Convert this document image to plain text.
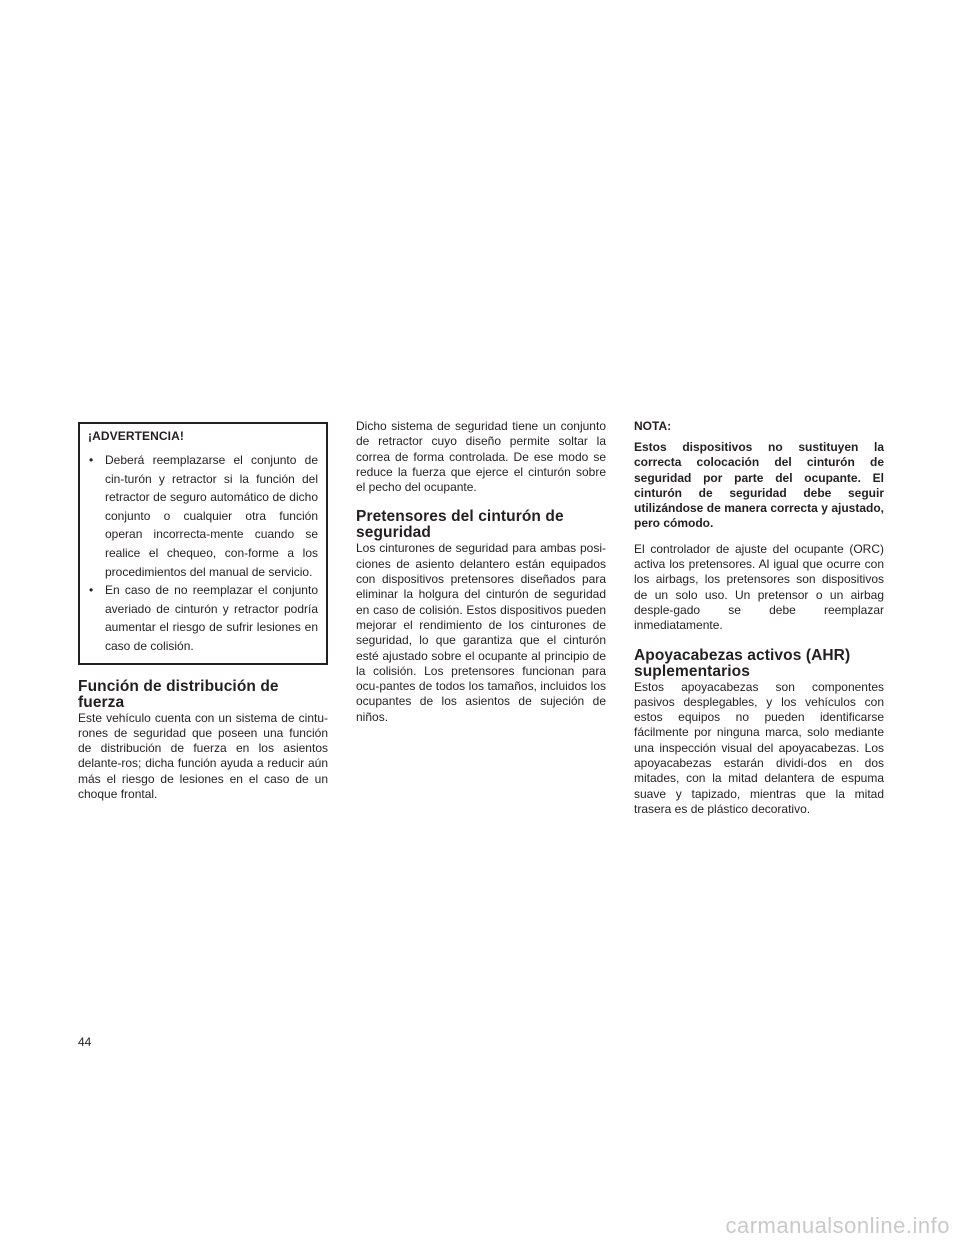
¡ADVERTENCIA!
• Deberá reemplazarse el conjunto de cin-turón y retractor si la función del retractor de seguro automático de dicho conjunto o cualquier otra función operan incorrecta-mente cuando se realice el chequeo, con-forme a los procedimientos del manual de servicio.
• En caso de no reemplazar el conjunto averiado de cinturón y retractor podría aumentar el riesgo de sufrir lesiones en caso de colisión.
Función de distribución de fuerza

Este vehículo cuenta con un sistema de cintu-rones de seguridad que poseen una función de distribución de fuerza en los asientos delante-ros; dicha función ayuda a reducir aún más el riesgo de lesiones en el caso de un choque frontal.

Dicho sistema de seguridad tiene un conjunto de retractor cuyo diseño permite soltar la correa de forma controlada. De ese modo se reduce la fuerza que ejerce el cinturón sobre el pecho del ocupante.

Pretensores del cinturón de
seguridad

Los cinturones de seguridad para ambas posi-ciones de asiento delantero están equipados con dispositivos pretensores diseñados para eliminar la holgura del cinturón de seguridad en caso de colisión. Estos dispositivos pueden mejorar el rendimiento de los cinturones de seguridad, lo que garantiza que el cinturón esté ajustado sobre el ocupante al principio de la colisión. Los pretensores funcionan para ocu-pantes de todos los tamaños, incluidos los ocupantes de los asientos de sujeción de niños.

NOTA:

Estos dispositivos no sustituyen la correcta colocación del cinturón de seguridad por parte del ocupante. El cinturón de seguridad debe seguir utilizándose de manera correcta y ajustado, pero cómodo.

El controlador de ajuste del ocupante (ORC) activa los pretensores. Al igual que ocurre con los airbags, los pretensores son dispositivos de un solo uso. Un pretensor o un airbag desple-gado se debe reemplazar inmediatamente.

Apoyacabezas activos (AHR)
suplementarios

Estos apoyacabezas son componentes pasivos desplegables, y los vehículos con estos equipos no pueden identificarse fácilmente por ninguna marca, solo mediante una inspección visual del apoyacabezas. Los apoyacabezas estarán dividi-dos en dos mitades, con la mitad delantera de espuma suave y tapizado, mientras que la mitad trasera es de plástico decorativo.

44
carmanualsonline.info
